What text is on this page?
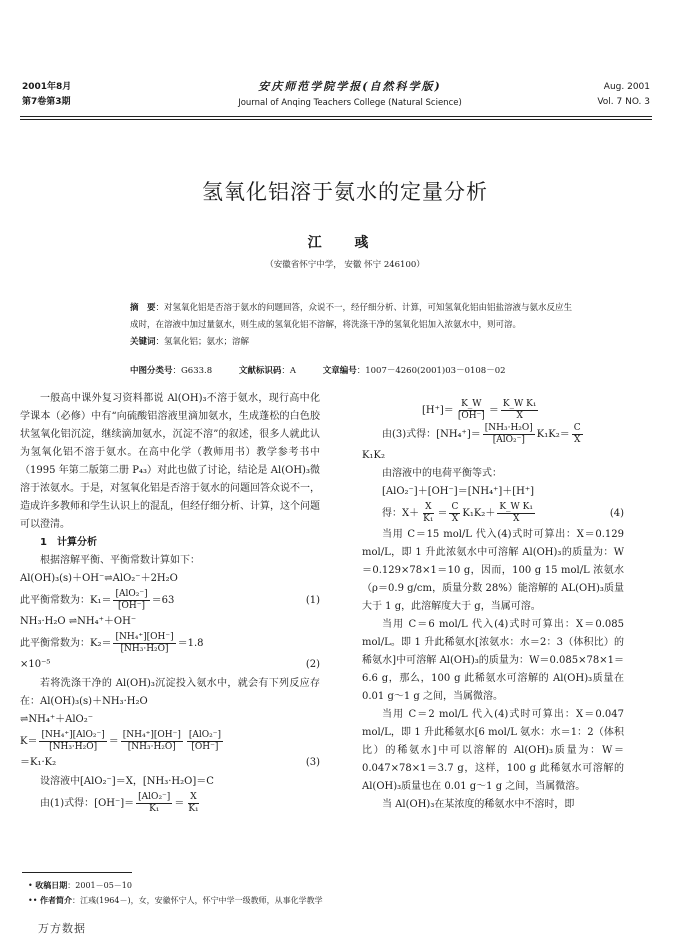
2001年8月
第7卷第3期
安庆师范学院学报(自然科学版)
Journal of Anqing Teachers College (Natural Science)
Aug. 2001
Vol. 7 NO. 3
氢氧化铝溶于氨水的定量分析
江 彧
（安徽省怀宁中学， 安徽 怀宁 246100）
摘　要：对氢氧化铝是否溶于氨水的问题回答，众说不一，经仔细分析、计算，可知氢氧化铝由铝盐溶液与氨水反应生成时，在溶液中加过量氨水，则生成的氢氧化铝不溶解，将洗涤干净的氢氧化铝加入浓氨水中，则可溶。
关键词：氢氧化铝；氨水；溶解
中图分类号：G633.8	文献标识码：A	文章编号：1007－4260(2001)03－0108－02

一般高中课外复习资料都说 Al(OH)₃不溶于氨水，现行高中化学课本（必修）中有“向硫酸铝溶液里滴加氨水，生成蓬松的白色胶状氢氧化铝沉淀，继续滴加氨水，沉淀不溶”的叙述，很多人就此认为氢氧化铝不溶于氨水。在高中化学（教师用书）教学参考书中（1995 年第二版第二册 P₄₃）对此也做了讨论，结论是 Al(OH)₃微溶于浓氨水。于是，对氢氧化铝是否溶于氨水的问题回答众说不一，造成许多教师和学生认识上的混乱，但经仔细分析、计算，这个问题可以澄清。

1　计算分析

根据溶解平衡、平衡常数计算如下：

Al(OH)₃(s)＋OH⁻⇌AlO₂⁻＋2H₂O

此平衡常数为： $K_1= \frac{\text{[AlO₂⁻]}}{[OH^-]} =63$	(1)

NH₃·H₂O ⇌NH₄⁺＋OH⁻

此平衡常数为： $K_2= \frac{\text{[NH₄⁺][OH⁻]}}{\text{[NH₃·H₂O]}} =1.8$
×10⁻⁵	(2)

若将洗涤干净的 Al(OH)₃沉淀投入氨水中，就会有下列反应存在：Al(OH)₃(s)＋NH₃·H₂O

⇌NH₄⁺＋AlO₂⁻

$K= \frac{\text{[NH₄⁺][AlO₂⁻]}}{\text{[NH₃·H₂O]}} = \frac{\text{[NH₄⁺][OH⁻]}}{\text{[NH₃·H₂O]}} \frac{\text{[AlO₂⁻]}}{[OH^-]}$
＝K₁·K₂	(3)

设溶液中[AlO₂⁻]＝X，[NH₃·H₂O]＝C

由(1)式得：$[OH^-]= \frac{\text{[AlO₂⁻]}}{\text{K₁}} = \frac{X}{\text{K₁}}$
$[H^+]= \frac{K\_W}{[OH^-]} = \frac{\text{K\_W K₁}}{X}$
由(3)式得：$[NH_4^+]= \frac{\text{[NH₃·H₂O]}}{\text{[AlO₂⁻]}} K_1K_2= \frac{C}{X}$

K₁K₂

由溶液中的电荷平衡等式：

[AlO₂⁻]＋[OH⁻]＝[NH₄⁺]＋[H⁺]

得：$X+ \frac{X}{\text{K₁}} = \frac{C}{X} K_1K_2+ \frac{\text{K\_W K₁}}{X}$	(4)

当用 C＝15 mol/L 代入(4)式时可算出：X＝0.129 mol/L，即 1 升此浓氨水中可溶解 Al(OH)₃的质量为：W＝0.129×78×1＝10 g，因而，100 g 15 mol/L 浓氨水（ρ＝0.9 g/cm，质量分数 28%）能溶解的 AL(OH)₃质量大于 1 g，此溶解度大于 g，当属可溶。

当用 C＝6 mol/L 代入(4)式时可算出：X＝0.085 mol/L。即 1 升此稀氨水[浓氨水：水＝2：3（体积比）的稀氨水]中可溶解 Al(OH)₃的质量为：W＝0.085×78×1＝6.6 g，那么，100 g 此稀氨水可溶解的 Al(OH)₃质量在 0.01 g～1 g 之间，当属微溶。

当用 C＝2 mol/L 代入(4)式时可算出：X＝0.047 mol/L，即 1 升此稀氨水[6 mol/L 氨水：水＝1：2（体积比）的稀氨水]中可以溶解的 Al(OH)₃质量为：W＝0.047×78×1＝3.7 g，这样，100 g 此稀氨水可溶解的 Al(OH)₃质量也在 0.01 g～1 g 之间，当属微溶。

当 Al(OH)₃在某浓度的稀氨水中不溶时，即

• 收稿日期：2001－05－10
•• 作者简介：江彧(1964－)，女，安徽怀宁人，怀宁中学一级教师，从事化学教学
万方数据
